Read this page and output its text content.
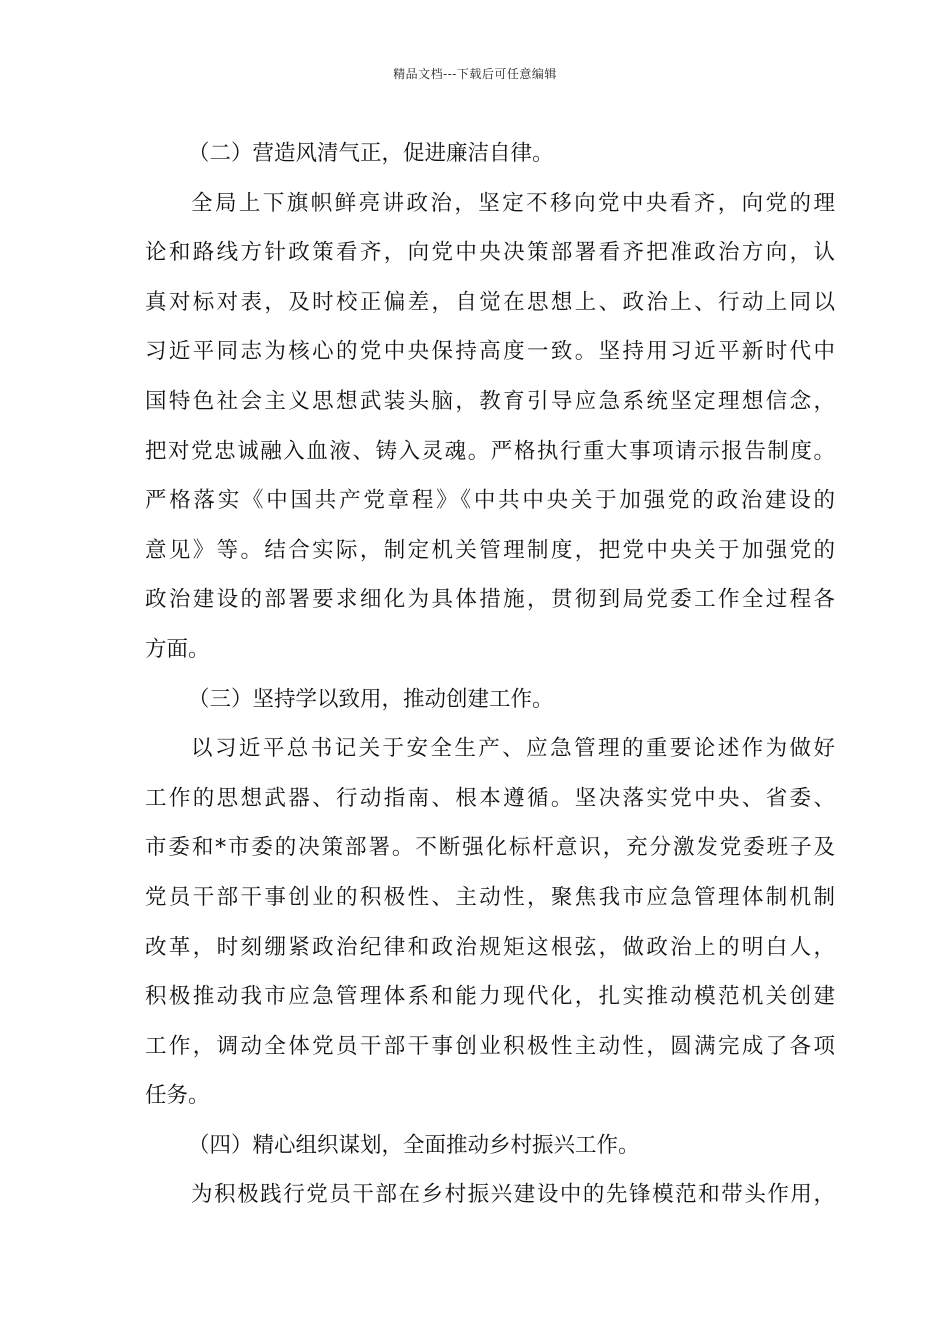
精品文档---下载后可任意编辑
（二）营造风清气正，促进廉洁自律。
全局上下旗帜鲜亮讲政治，坚定不移向党中央看齐，向党的理
论和路线方针政策看齐，向党中央决策部署看齐把准政治方向，认
真对标对表，及时校正偏差，自觉在思想上、政治上、行动上同以
习近平同志为核心的党中央保持高度一致。坚持用习近平新时代中
国特色社会主义思想武装头脑，教育引导应急系统坚定理想信念，
把对党忠诚融入血液、铸入灵魂。严格执行重大事项请示报告制度。
严格落实《中国共产党章程》《中共中央关于加强党的政治建设的
意见》等。结合实际，制定机关管理制度，把党中央关于加强党的
政治建设的部署要求细化为具体措施，贯彻到局党委工作全过程各
方面。
（三）坚持学以致用，推动创建工作。
以习近平总书记关于安全生产、应急管理的重要论述作为做好
工作的思想武器、行动指南、根本遵循。坚决落实党中央、省委、
市委和*市委的决策部署。不断强化标杆意识，充分激发党委班子及
党员干部干事创业的积极性、主动性，聚焦我市应急管理体制机制
改革，时刻绷紧政治纪律和政治规矩这根弦，做政治上的明白人，
积极推动我市应急管理体系和能力现代化，扎实推动模范机关创建
工作，调动全体党员干部干事创业积极性主动性，圆满完成了各项
任务。
（四）精心组织谋划，全面推动乡村振兴工作。
为积极践行党员干部在乡村振兴建设中的先锋模范和带头作用，
